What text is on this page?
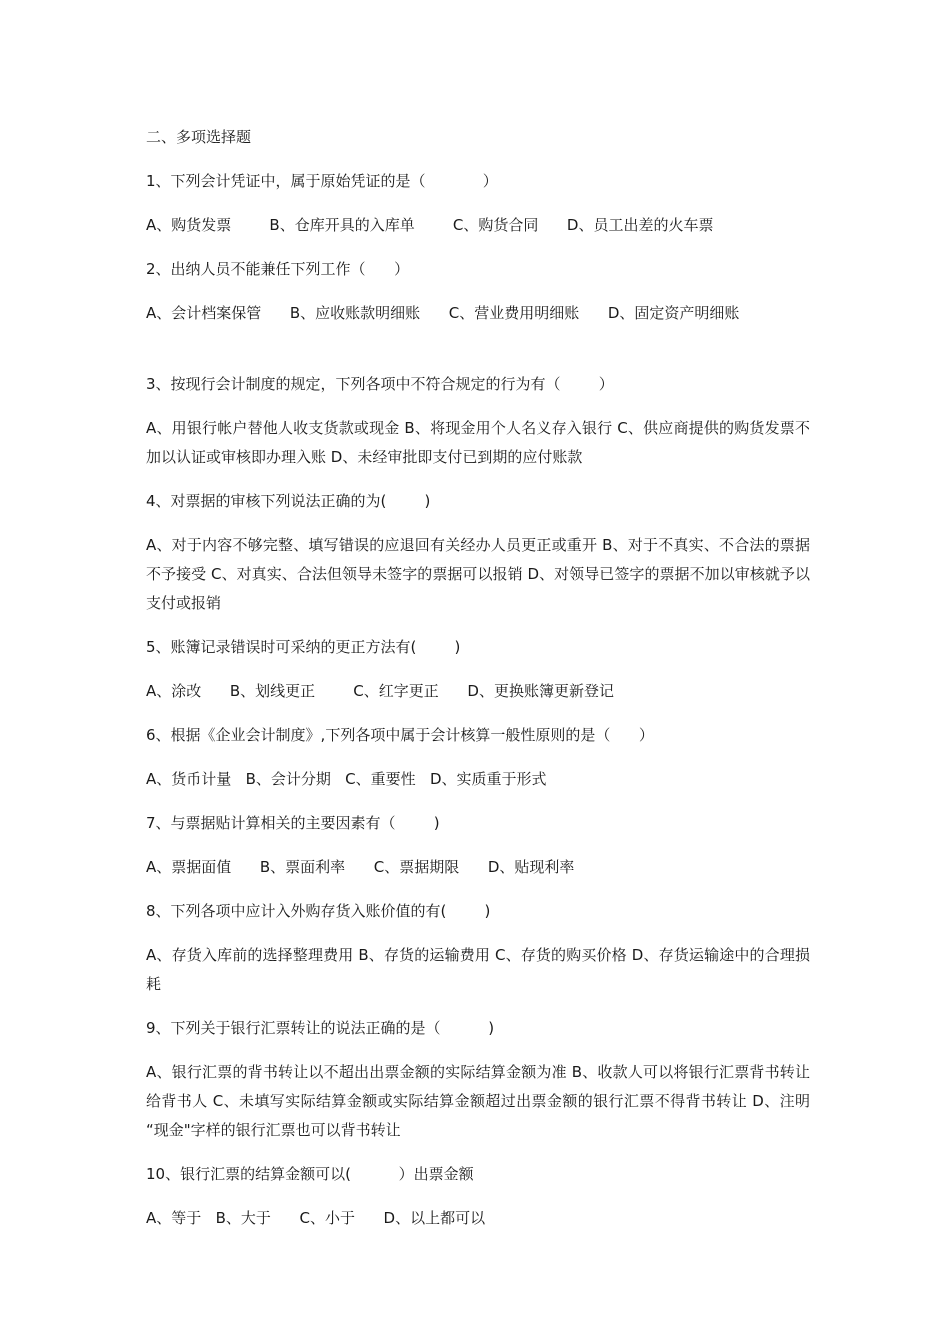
二、多项选择题

1、下列会计凭证中，属于原始凭证的是（            ）

A、购货发票        B、仓库开具的入库单        C、购货合同      D、员工出差的火车票

2、出纳人员不能兼任下列工作（      ）

A、会计档案保管      B、应收账款明细账      C、营业费用明细账      D、固定资产明细账

3、按现行会计制度的规定，下列各项中不符合规定的行为有（        ）

A、用银行帐户替他人收支货款或现金 B、将现金用个人名义存入银行 C、供应商提供的购货发票不加以认证或审核即办理入账 D、未经审批即支付已到期的应付账款

4、对票据的审核下列说法正确的为(        )

A、对于内容不够完整、填写错误的应退回有关经办人员更正或重开 B、对于不真实、不合法的票据不予接受 C、对真实、合法但领导未签字的票据可以报销 D、对领导已签字的票据不加以审核就予以支付或报销

5、账簿记录错误时可采纳的更正方法有(        )

A、涂改      B、划线更正        C、红字更正      D、更换账簿更新登记

6、根据《企业会计制度》,下列各项中属于会计核算一般性原则的是（      ）

A、货币计量   B、会计分期   C、重要性   D、实质重于形式

7、与票据贴计算相关的主要因素有（        )

A、票据面值      B、票面利率      C、票据期限      D、贴现利率

8、下列各项中应计入外购存货入账价值的有(        )

A、存货入库前的选择整理费用 B、存货的运输费用 C、存货的购买价格 D、存货运输途中的合理损耗

9、下列关于银行汇票转让的说法正确的是（          )

A、银行汇票的背书转让以不超出出票金额的实际结算金额为准 B、收款人可以将银行汇票背书转让给背书人 C、未填写实际结算金额或实际结算金额超过出票金额的银行汇票不得背书转让 D、注明 “现金"字样的银行汇票也可以背书转让

10、银行汇票的结算金额可以(          ）出票金额

A、等于   B、大于      C、小于      D、以上都可以
